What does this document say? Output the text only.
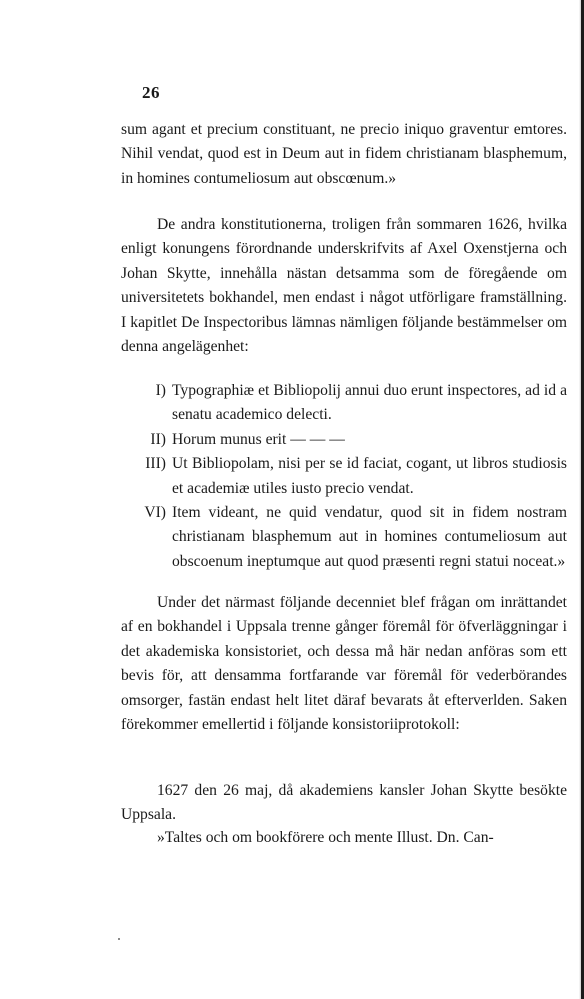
26
sum agant et precium constituant, ne precio iniquo graventur emtores. Nihil vendat, quod est in Deum aut in fidem christianam blasphemum, in homines contumeliosum aut obscœnum.»
De andra konstitutionerna, troligen från sommaren 1626, hvilka enligt konungens förordnande underskrifvits af Axel Oxenstjerna och Johan Skytte, innehålla nästan detsamma som de föregående om universitetets bokhandel, men endast i något utförligare framställning. I kapitlet De Inspectoribus lämnas nämligen följande bestämmelser om denna angelägenhet:
I) Typographiæ et Bibliopolij annui duo erunt inspectores, ad id a senatu academico delecti.
II) Horum munus erit — — —
III) Ut Bibliopolam, nisi per se id faciat, cogant, ut libros studiosis et academiæ utiles iusto precio vendat.
VI) Item videant, ne quid vendatur, quod sit in fidem nostram christianam blasphemum aut in homines contumeliosum aut obscoenum ineptumque aut quod præsenti regni statui noceat.»
Under det närmast följande decenniet blef frågan om inrättandet af en bokhandel i Uppsala trenne gånger föremål för öfverläggningar i det akademiska konsistoriet, och dessa må här nedan anföras som ett bevis för, att densamma fortfarande var föremål för vederbörandes omsorger, fastän endast helt litet däraf bevarats åt efterverlden. Saken förekommer emellertid i följande konsistoriiprotokoll:
1627 den 26 maj, då akademiens kansler Johan Skytte besökte Uppsala.
»Taltes och om bookförere och mente Illust. Dn. Can-
